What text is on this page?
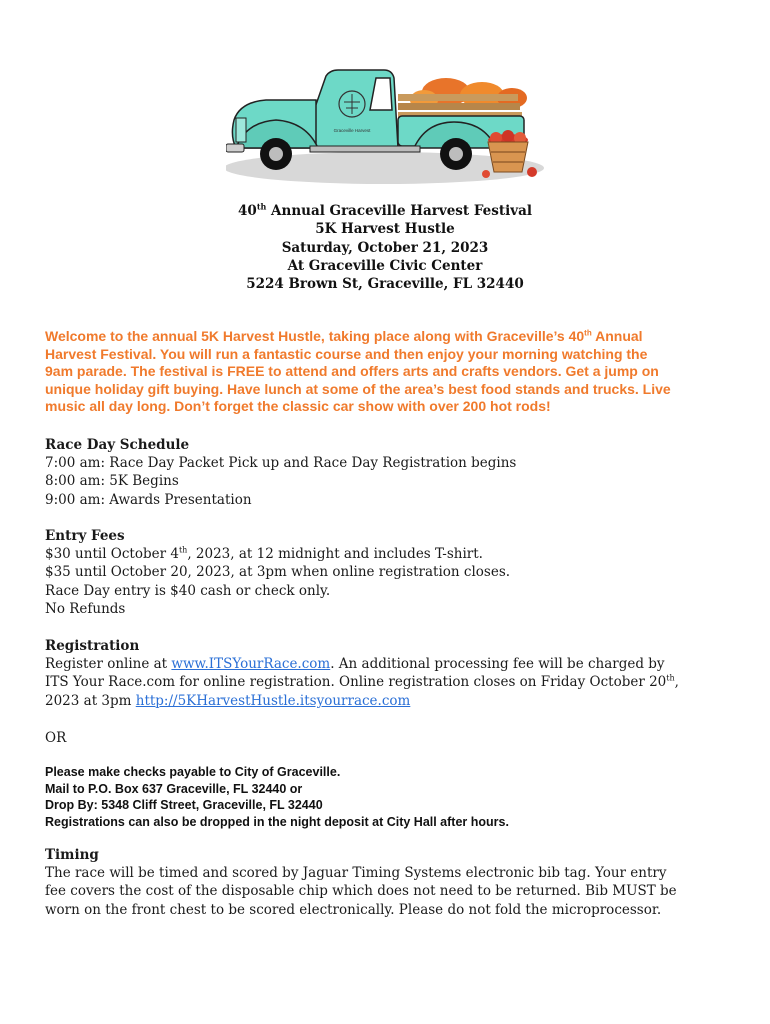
Graceville Harvest
40th Annual Graceville Harvest Festival
5K Harvest Hustle
Saturday, October 21, 2023
At Graceville Civic Center
5224 Brown St, Graceville, FL 32440
Welcome to the annual 5K Harvest Hustle, taking place along with Graceville’s 40th Annual
Harvest Festival. You will run a fantastic course and then enjoy your morning watching the
9am parade. The festival is FREE to attend and offers arts and crafts vendors. Get a jump on
unique holiday gift buying. Have lunch at some of the area’s best food stands and trucks. Live
music all day long. Don’t forget the classic car show with over 200 hot rods!
Race Day Schedule
7:00 am: Race Day Packet Pick up and Race Day Registration begins
8:00 am: 5K Begins
9:00 am: Awards Presentation
Entry Fees
$30 until October 4th, 2023, at 12 midnight and includes T-shirt.
$35 until October 20, 2023, at 3pm when online registration closes.
Race Day entry is $40 cash or check only.
No Refunds
Registration
Register online at www.ITSYourRace.com. An additional processing fee will be charged by
ITS Your Race.com for online registration. Online registration closes on Friday October 20th,
2023 at 3pm http://5KHarvestHustle.itsyourrace.com
OR
Please make checks payable to City of Graceville.
Mail to P.O. Box 637 Graceville, FL 32440 or
Drop By: 5348 Cliff Street, Graceville, FL 32440
Registrations can also be dropped in the night deposit at City Hall after hours.
Timing
The race will be timed and scored by Jaguar Timing Systems electronic bib tag. Your entry
fee covers the cost of the disposable chip which does not need to be returned. Bib MUST be
worn on the front chest to be scored electronically. Please do not fold the microprocessor.
